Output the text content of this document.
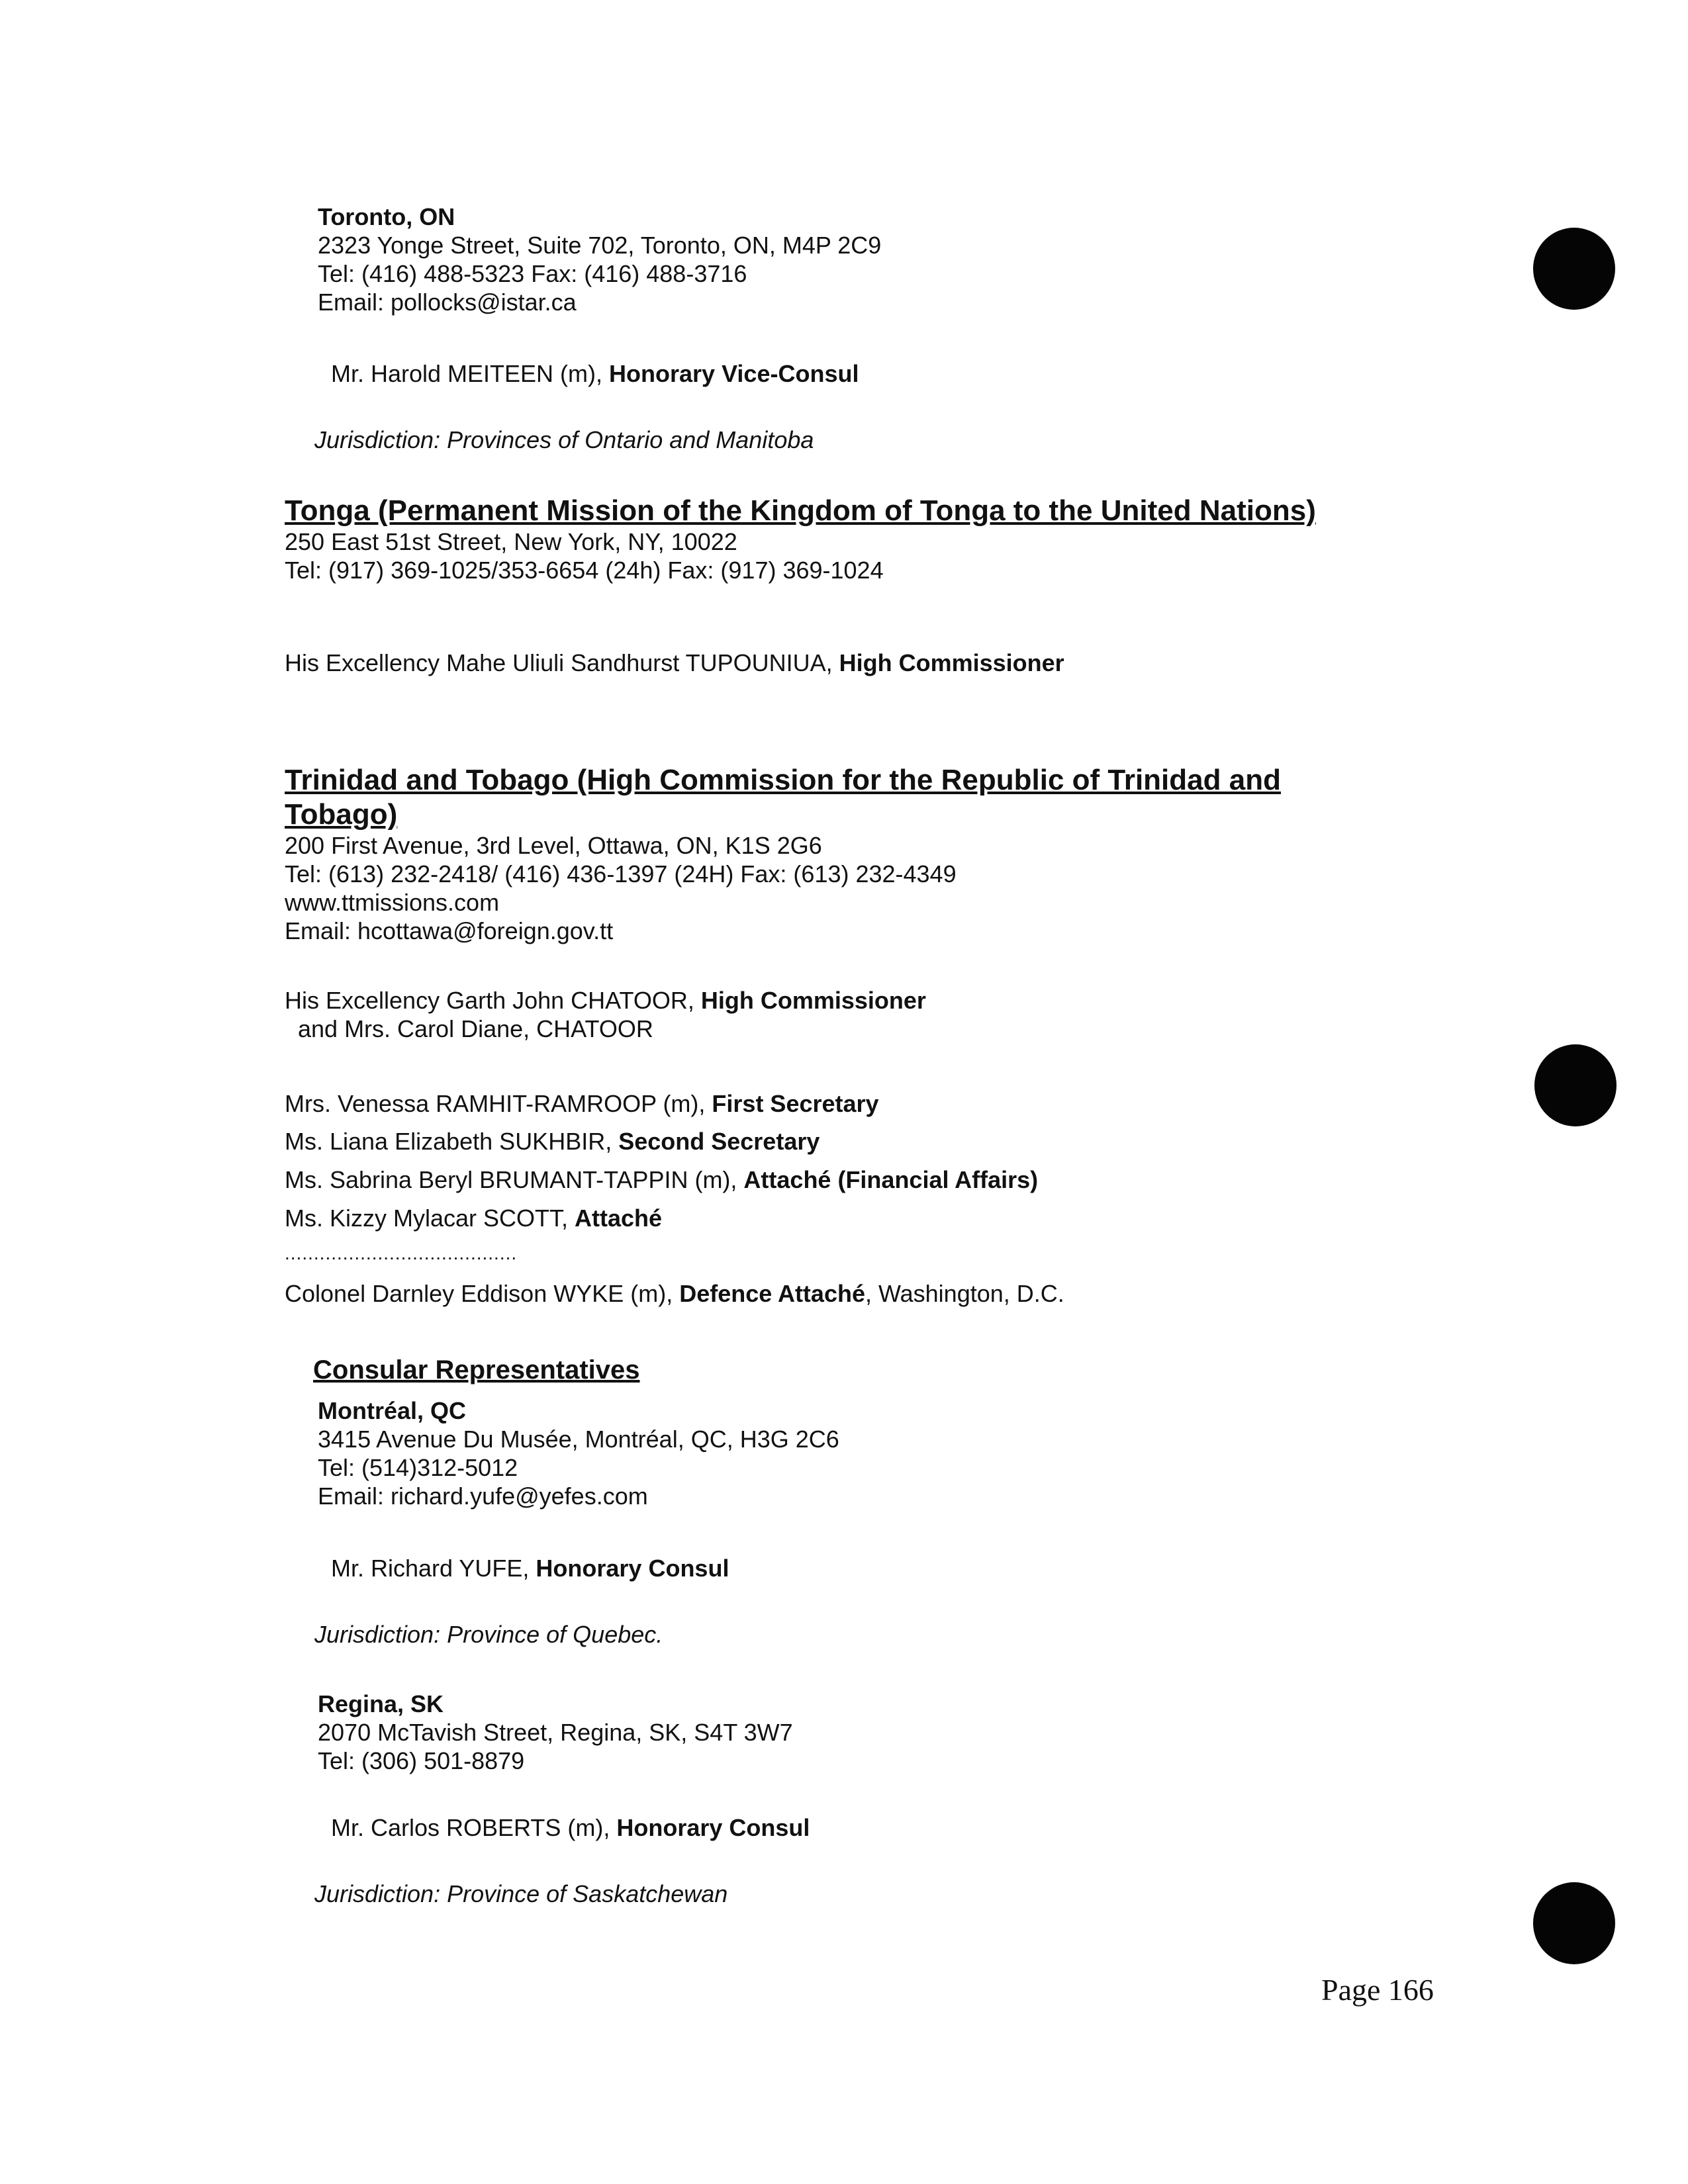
Toronto, ON
2323 Yonge Street, Suite 702, Toronto, ON, M4P 2C9
Tel: (416) 488-5323 Fax: (416) 488-3716
Email: pollocks@istar.ca
Mr. Harold MEITEEN (m), Honorary Vice-Consul
Jurisdiction: Provinces of Ontario and Manitoba
Tonga (Permanent Mission of the Kingdom of Tonga to the United Nations)
250 East 51st Street, New York, NY, 10022
Tel: (917) 369-1025/353-6654 (24h) Fax: (917) 369-1024
His Excellency Mahe Uliuli Sandhurst TUPOUNIUA, High Commissioner
Trinidad and Tobago (High Commission for the Republic of Trinidad and
Tobago)
200 First Avenue, 3rd Level, Ottawa, ON, K1S 2G6
Tel: (613) 232-2418/ (416) 436-1397 (24H) Fax: (613) 232-4349
www.ttmissions.com
Email: hcottawa@foreign.gov.tt
His Excellency Garth John CHATOOR, High Commissioner
and Mrs. Carol Diane, CHATOOR
Mrs. Venessa RAMHIT-RAMROOP (m), First Secretary
Ms. Liana Elizabeth SUKHBIR, Second Secretary
Ms. Sabrina Beryl BRUMANT-TAPPIN (m), Attaché (Financial Affairs)
Ms. Kizzy Mylacar SCOTT, Attaché
........................................
Colonel Darnley Eddison WYKE (m), Defence Attaché, Washington, D.C.
Consular Representatives
Montréal, QC
3415 Avenue Du Musée, Montréal, QC, H3G 2C6
Tel: (514)312-5012
Email: richard.yufe@yefes.com
Mr. Richard YUFE, Honorary Consul
Jurisdiction: Province of Quebec.
Regina, SK
2070 McTavish Street, Regina, SK, S4T 3W7
Tel: (306) 501-8879
Mr. Carlos ROBERTS (m), Honorary Consul
Jurisdiction: Province of Saskatchewan
Page 166
